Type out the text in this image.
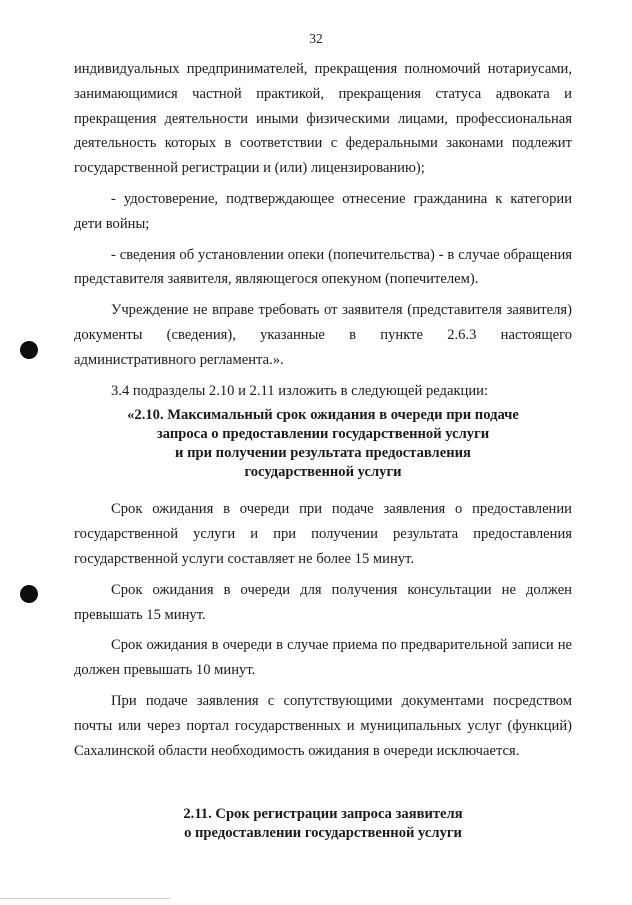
32

индивидуальных предпринимателей, прекращения полномочий нотариусами, занимающимися частной практикой, прекращения статуса адвоката и прекращения деятельности иными физическими лицами, профессиональная деятельность которых в соответствии с федеральными законами подлежит государственной регистрации и (или) лицензированию);

- удостоверение, подтверждающее отнесение гражданина к категории дети войны;
- сведения об установлении опеки (попечительства) - в случае обращения представителя заявителя, являющегося опекуном (попечителем).

Учреждение не вправе требовать от заявителя (представителя заявителя) документы (сведения), указанные в пункте 2.6.3 настоящего административного регламента.».

3.4 подразделы 2.10 и 2.11 изложить в следующей редакции:

«2.10. Максимальный срок ожидания в очереди при подаче
запроса о предоставлении государственной услуги
и при получении результата предоставления
государственной услуги

Срок ожидания в очереди при подаче заявления о предоставлении государственной услуги и при получении результата предоставления государственной услуги составляет не более 15 минут.

Срок ожидания в очереди для получения консультации не должен превышать 15 минут.

Срок ожидания в очереди в случае приема по предварительной записи не должен превышать 10 минут.

При подаче заявления с сопутствующими документами посредством почты или через портал государственных и муниципальных услуг (функций) Сахалинской области необходимость ожидания в очереди исключается.

2.11. Срок регистрации запроса заявителя
о предоставлении государственной услуги
